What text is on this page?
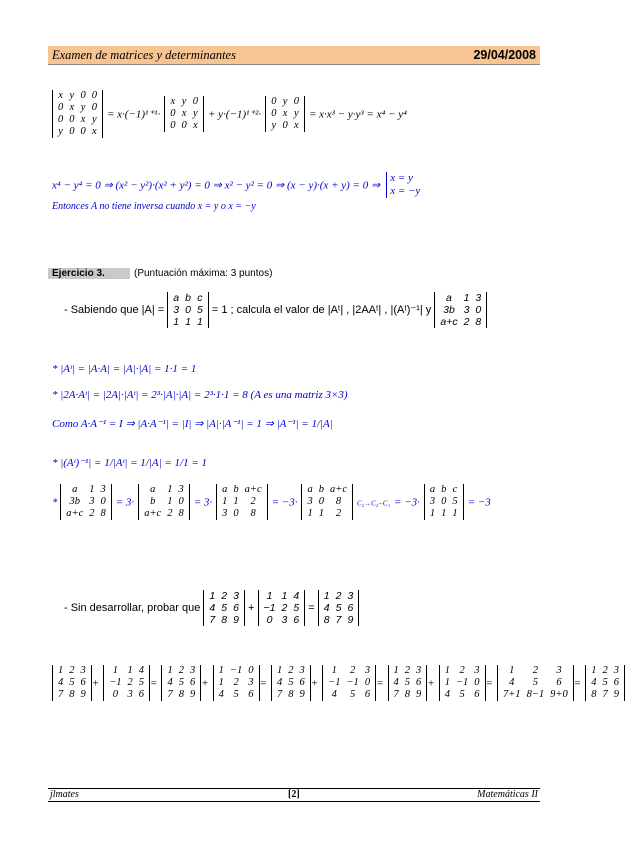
Examen de matrices y determinantes	29/04/2008
x	y	0	0
0	x	y	0
0	0	x	y
y	0	0	x
= x·(−1)¹⁺¹·
x	y	0
0	x	y
0	0	x
+ y·(−1)¹⁺²·
0	y	0
0	x	y
y	0	x
= x·x³ − y·y³ = x⁴ − y⁴
x⁴ − y⁴ = 0 ⇒ (x² − y²)·(x² + y²) = 0 ⇒ x² − y² = 0 ⇒ (x − y)·(x + y) = 0 ⇒
x = y
x = −y
Entonces A no tiene inversa cuando x = y o x = −y
Ejercicio 3.	(Puntuación máxima: 3 puntos)
- Sabiendo que |A| =
a	b	c
3	0	5
1	1	1
= 1 ; calcula el valor de |Aᵗ| , |2AAᵗ| , |(Aᵗ)⁻¹| y
a	1	3
3b	3	0
a+c	2	8
* |Aᵗ| = |A·A| = |A|·|A| = 1·1 = 1
* |2A·Aᵗ| = |2A|·|Aᵗ| = 2³·|A|·|A| = 2³·1·1 = 8 (A es una matriz 3×3)
Como A·A⁻¹ = I ⇒ |A·A⁻¹| = |I| ⇒ |A|·|A⁻¹| = 1 ⇒ |A⁻¹| = 1/|A|
* |(Aᵗ)⁻¹| = 1/|Aᵗ| = 1/|A| = 1/1 = 1
*
a	1	3
3b	3	0
a+c	2	8
= 3·
a	1	3
b	1	0
a+c	2	8
= 3·
a	b	a+c
1	1	2
3	0	8
= −3·
a	b	a+c
3	0	8
1	1	2
C₂→C₂−C₁ = −3·
a	b	c
3	0	5
1	1	1
= −3
- Sin desarrollar, probar que
1	2	3
4	5	6
7	8	9
+
1	1	4
−1	2	5
0	3	6
=
1	2	3
4	5	6
8	7	9
1	2	3
4	5	6
7	8	9
+
1	1	4
−1	2	5
0	3	6
=
1	2	3
4	5	6
7	8	9
+
1	−1	0
1	2	3
4	5	6
=
1	2	3
4	5	6
7	8	9
+
1	2	3
−1	−1	0
4	5	6
=
1	2	3
4	5	6
7	8	9
+
1	2	3
1	−1	0
4	5	6
=
1	2	3
4	5	6
7+1	8−1	9+0
=
1	2	3
4	5	6
8	7	9
jlmates	[2]	Matemáticas II
